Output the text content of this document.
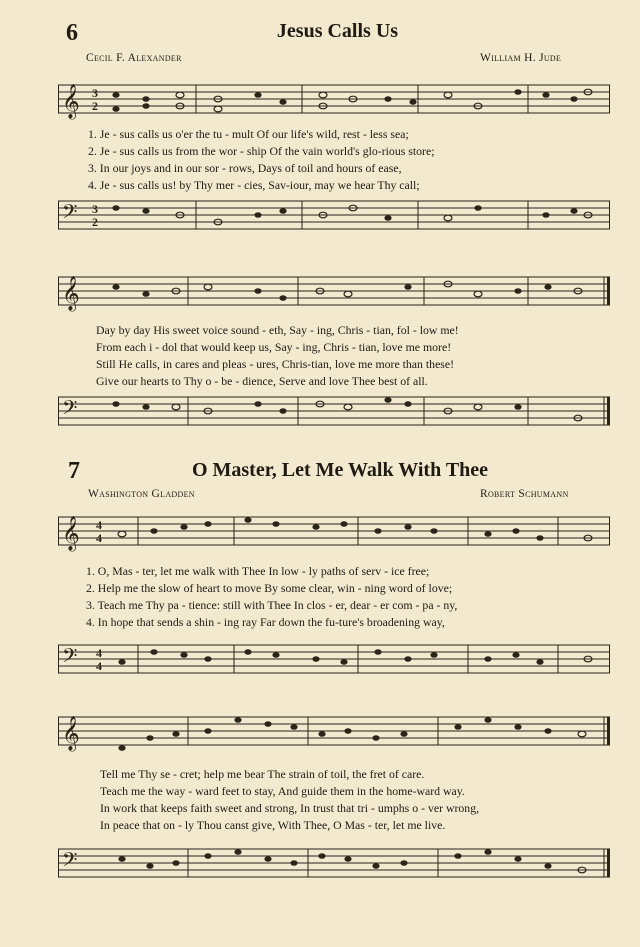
6	Jesus Calls Us
Cecil F. Alexander	William H. Jude
𝄞 3
2
1. Je - sus calls us o'er the tu - mult Of our life's wild, rest - less sea;
2. Je - sus calls us from the wor - ship Of the vain world's glo-rious store;
3. In our joys and in our sor - rows, Days of toil and hours of ease,
4. Je - sus calls us! by Thy mer - cies, Sav-iour, may we hear Thy call;
𝄢 3
2
𝄞
Day by day His sweet voice sound - eth, Say - ing, Chris - tian, fol - low me!
From each i - dol that would keep us, Say - ing, Chris - tian, love me more!
Still He calls, in cares and pleas - ures, Chris-tian, love me more than these!
Give our hearts to Thy o - be - dience, Serve and love Thee best of all.
𝄢
7	O Master, Let Me Walk With Thee
Washington Gladden	Robert Schumann
𝄞 4
4
1. O, Mas - ter, let me walk with Thee In low - ly paths of serv - ice free;
2. Help me the slow of heart to move By some clear, win - ning word of love;
3. Teach me Thy pa - tience: still with Thee In clos - er, dear - er com - pa - ny,
4. In hope that sends a shin - ing ray Far down the fu-ture's broadening way,
𝄢 4
4
𝄞
Tell me Thy se - cret; help me bear The strain of toil, the fret of care.
Teach me the way - ward feet to stay, And guide them in the home-ward way.
In work that keeps faith sweet and strong, In trust that tri - umphs o - ver wrong,
In peace that on - ly Thou canst give, With Thee, O Mas - ter, let me live.
𝄢
